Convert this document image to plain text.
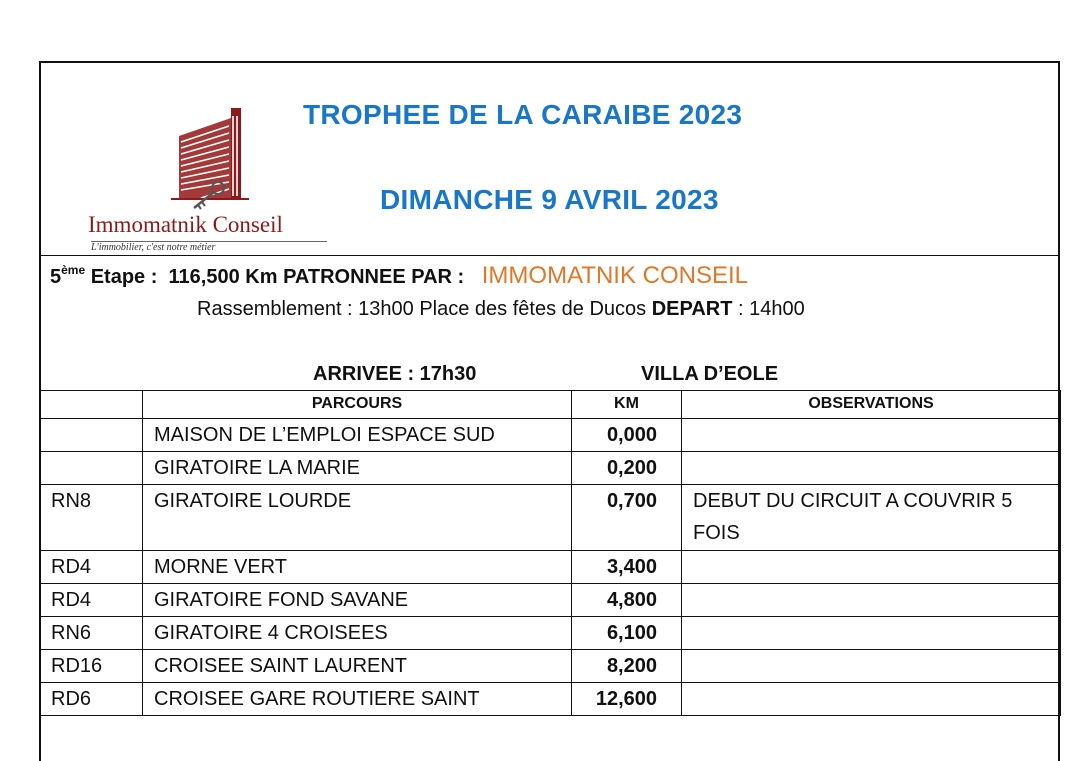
Immomatnik Conseil
L'immobilier, c'est notre métier
TROPHEE DE LA CARAIBE 2023
DIMANCHE 9 AVRIL 2023
5ème Etape : 116,500 Km PATRONNEE PAR : IMMOMATNIK CONSEIL
Rassemblement : 13h00 Place des fêtes de Ducos DEPART : 14h00
ARRIVEE : 17h30	VILLA D’EOLE
	PARCOURS	KM	OBSERVATIONS
	MAISON DE L’EMPLOI ESPACE SUD	0,000	
	GIRATOIRE LA MARIE	0,200	
RN8	GIRATOIRE LOURDE	0,700	DEBUT DU CIRCUIT A COUVRIR 5 FOIS
RD4	MORNE VERT	3,400	
RD4	GIRATOIRE FOND SAVANE	4,800	
RN6	GIRATOIRE 4 CROISEES	6,100	
RD16	CROISEE SAINT LAURENT	8,200	
RD6	CROISEE GARE ROUTIERE SAINT	12,600	
